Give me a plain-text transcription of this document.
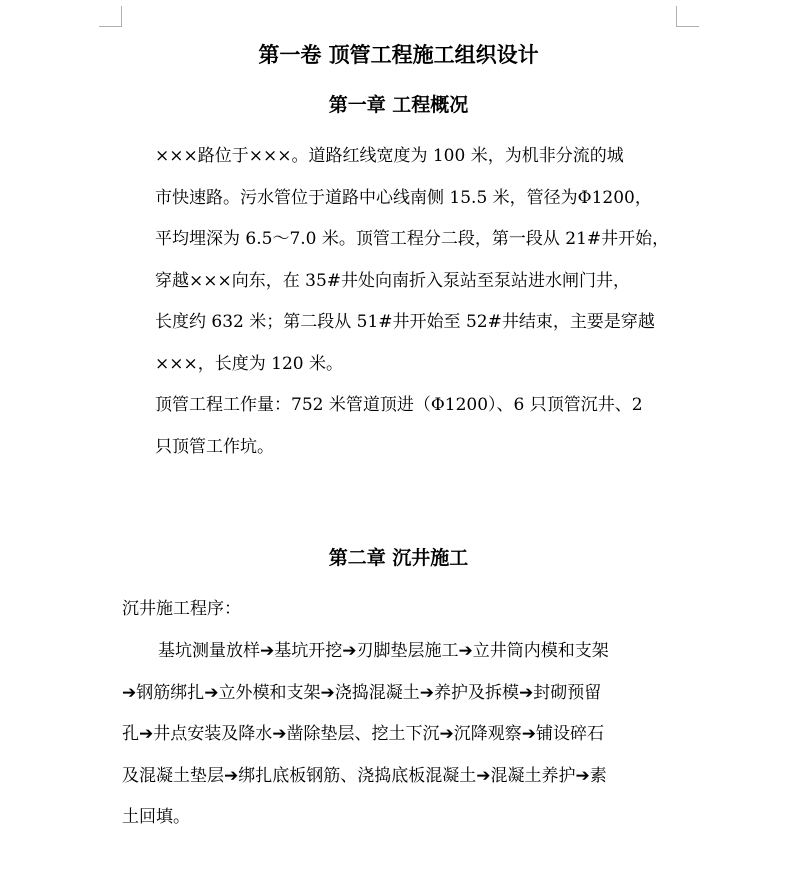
第一卷 顶管工程施工组织设计
第一章 工程概况
×××路位于×××。道路红线宽度为 100 米，为机非分流的城
市快速路。污水管位于道路中心线南侧 15.5 米，管径为Φ1200，
平均埋深为 6.5～7.0 米。顶管工程分二段，第一段从 21#井开始，
穿越×××向东，在 35#井处向南折入泵站至泵站进水闸门井，
长度约 632 米；第二段从 51#井开始至 52#井结束，主要是穿越
×××，长度为 120 米。
顶管工程工作量：752 米管道顶进（Φ1200）、6 只顶管沉井、2
只顶管工作坑。
第二章 沉井施工
沉井施工程序：
基坑测量放样➔基坑开挖➔刃脚垫层施工➔立井筒内模和支架
➔钢筋绑扎➔立外模和支架➔浇捣混凝土➔养护及拆模➔封砌预留
孔➔井点安装及降水➔凿除垫层、挖土下沉➔沉降观察➔铺设碎石
及混凝土垫层➔绑扎底板钢筋、浇捣底板混凝土➔混凝土养护➔素
土回填。
